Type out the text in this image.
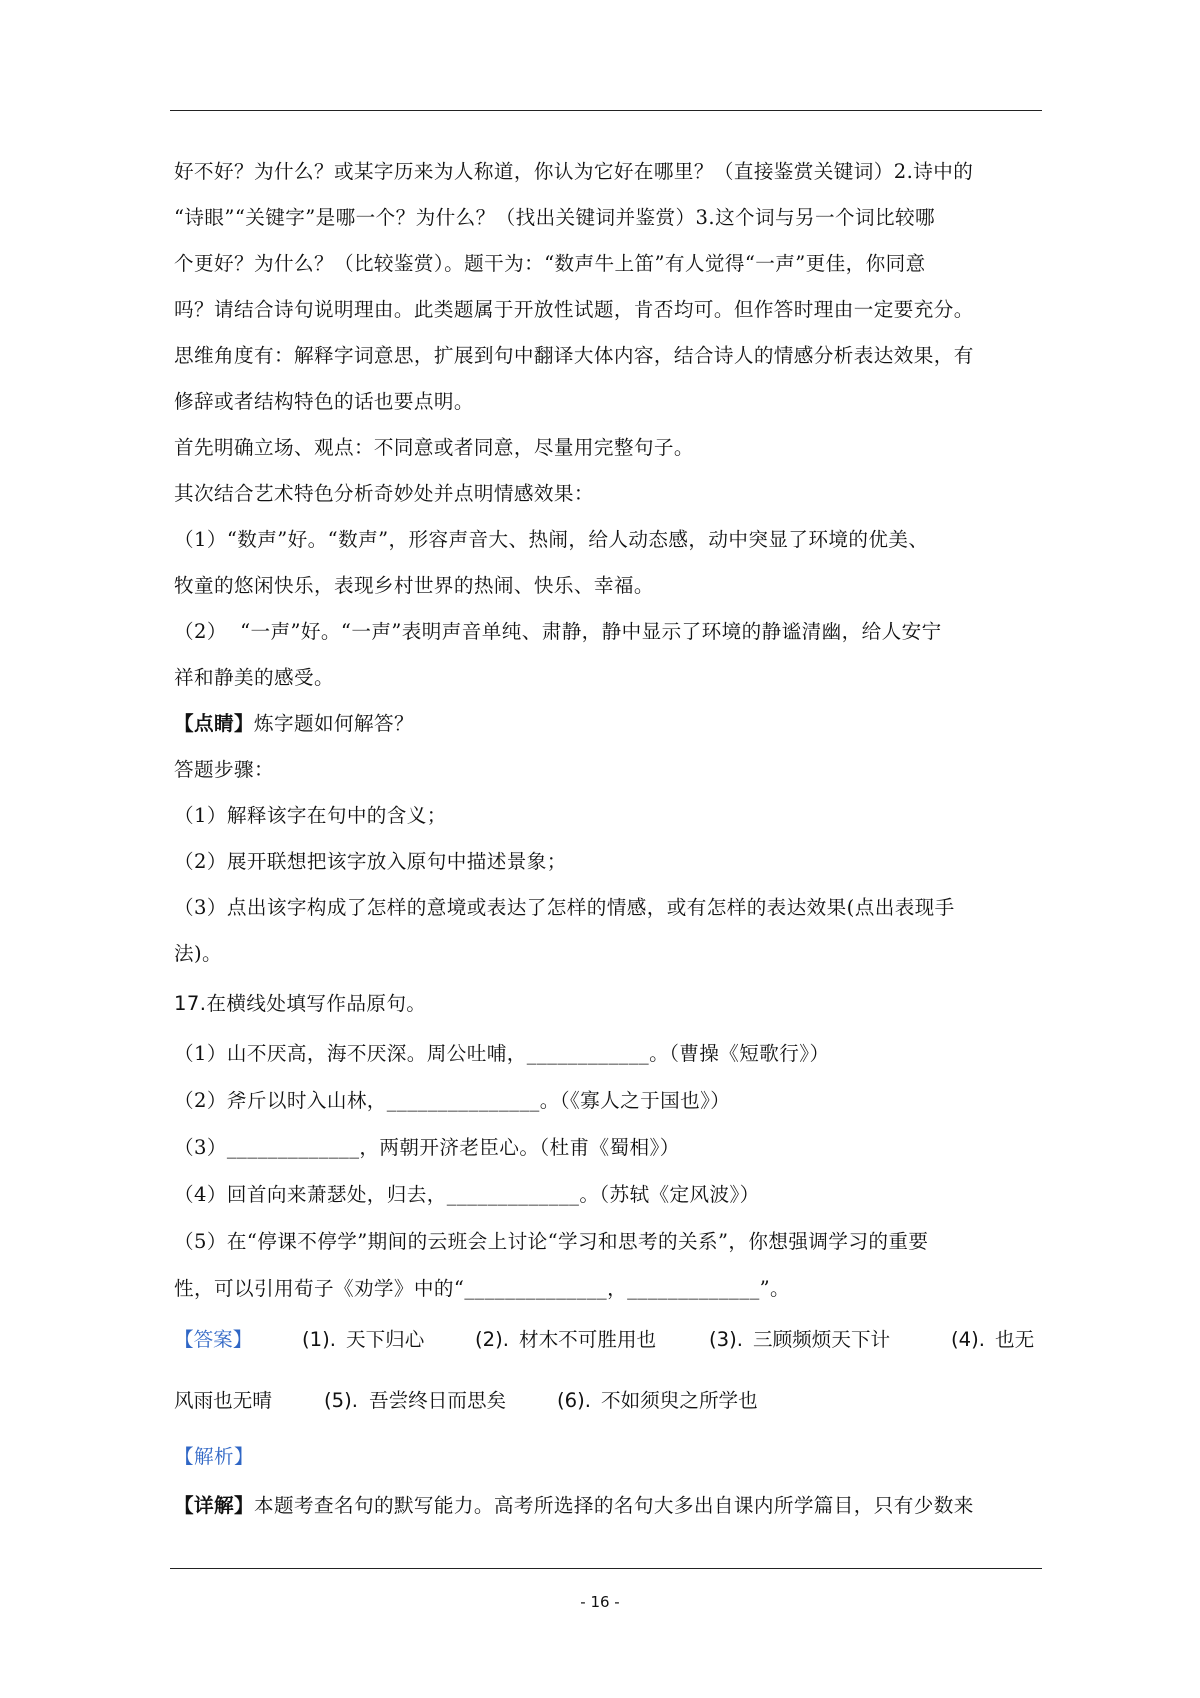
好不好？为什么？或某字历来为人称道，你认为它好在哪里？（直接鉴赏关键词）2.诗中的
“诗眼”“关键字”是哪一个？为什么？（找出关键词并鉴赏）3.这个词与另一个词比较哪
个更好？为什么？（比较鉴赏）。题干为：“数声牛上笛”有人觉得“一声”更佳，你同意
吗？请结合诗句说明理由。此类题属于开放性试题，肯否均可。但作答时理由一定要充分。
思维角度有：解释字词意思，扩展到句中翻译大体内容，结合诗人的情感分析表达效果，有
修辞或者结构特色的话也要点明。
首先明确立场、观点：不同意或者同意，尽量用完整句子。
其次结合艺术特色分析奇妙处并点明情感效果：
（1）“数声”好。“数声”，形容声音大、热闹，给人动态感，动中突显了环境的优美、
牧童的悠闲快乐，表现乡村世界的热闹、快乐、幸福。
（2）  “一声”好。“一声”表明声音单纯、肃静，静中显示了环境的静谧清幽，给人安宁
祥和静美的感受。
【点睛】炼字题如何解答？
答题步骤：
（1）解释该字在句中的含义；
（2）展开联想把该字放入原句中描述景象；
（3）点出该字构成了怎样的意境或表达了怎样的情感，或有怎样的表达效果(点出表现手
法)。
17.在横线处填写作品原句。
（1）山不厌高，海不厌深。周公吐哺，____________。（曹操《短歌行》）
（2）斧斤以时入山林，_______________。（《寡人之于国也》）
（3）_____________，两朝开济老臣心。（杜甫《蜀相》）
（4）回首向来萧瑟处，归去，_____________。（苏轼《定风波》）
（5）在“停课不停学”期间的云班会上讨论“学习和思考的关系”，你想强调学习的重要
性，可以引用荀子《劝学》中的“______________，_____________”。
【答案】	(1). 天下归心	(2). 材木不可胜用也	(3). 三顾频烦天下计	(4). 也无
风雨也无晴	(5). 吾尝终日而思矣	(6). 不如须臾之所学也
【解析】
【详解】本题考查名句的默写能力。高考所选择的名句大多出自课内所学篇目，只有少数来
- 16 -
